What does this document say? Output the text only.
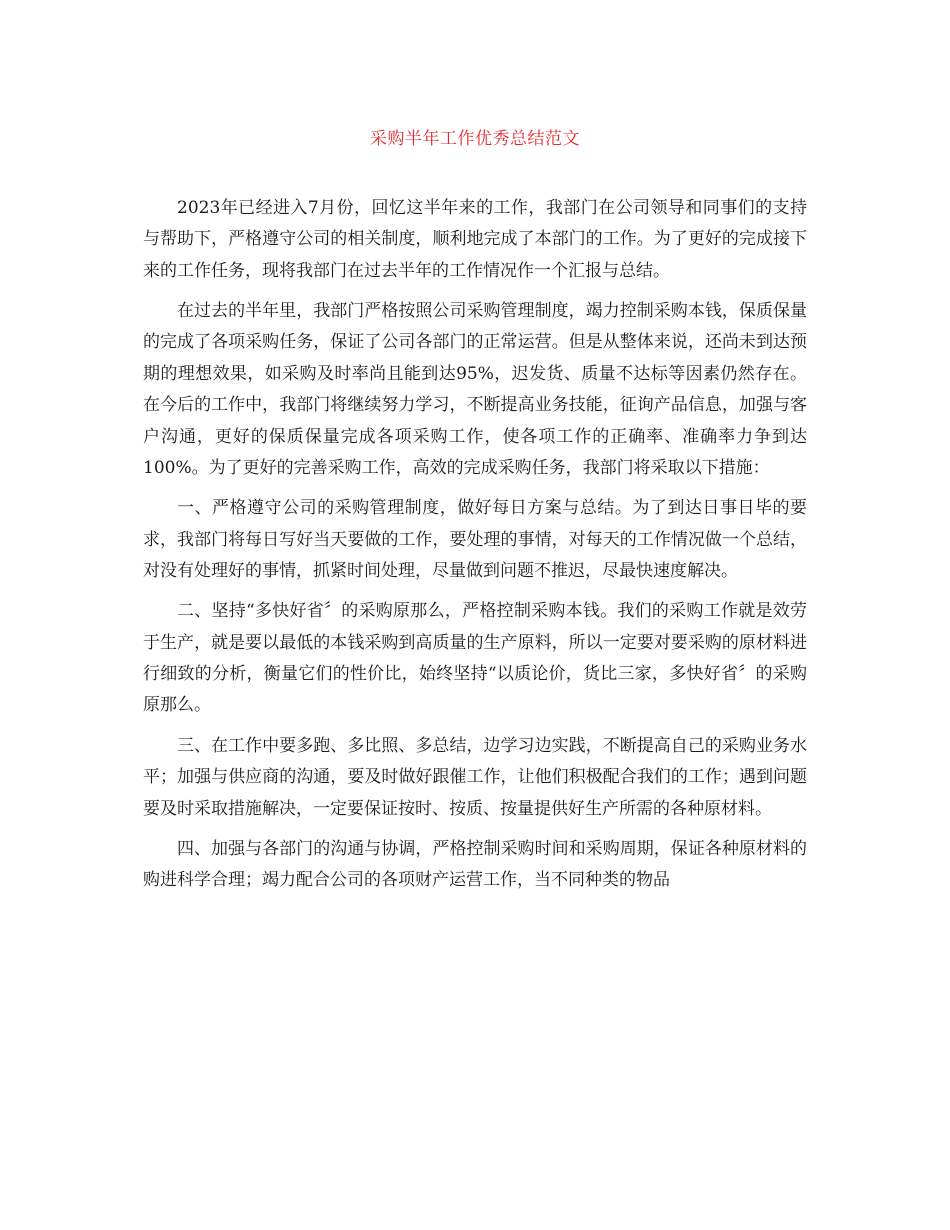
采购半年工作优秀总结范文

2023年已经进入7月份，回忆这半年来的工作，我部门在公司领导和同事们的支持与帮助下，严格遵守公司的相关制度，顺利地完成了本部门的工作。为了更好的完成接下来的工作任务，现将我部门在过去半年的工作情况作一个汇报与总结。

在过去的半年里，我部门严格按照公司采购管理制度，竭力控制采购本钱，保质保量的完成了各项采购任务，保证了公司各部门的正常运营。但是从整体来说，还尚未到达预期的理想效果，如采购及时率尚且能到达95%，迟发货、质量不达标等因素仍然存在。在今后的工作中，我部门将继续努力学习，不断提高业务技能，征询产品信息，加强与客户沟通，更好的保质保量完成各项采购工作，使各项工作的正确率、准确率力争到达100%。为了更好的完善采购工作，高效的完成采购任务，我部门将采取以下措施：

一、严格遵守公司的采购管理制度，做好每日方案与总结。为了到达日事日毕的要求，我部门将每日写好当天要做的工作，要处理的事情，对每天的工作情况做一个总结，对没有处理好的事情，抓紧时间处理，尽量做到问题不推迟，尽最快速度解决。

二、坚持“多快好省〞的采购原那么，严格控制采购本钱。我们的采购工作就是效劳于生产，就是要以最低的本钱采购到高质量的生产原料，所以一定要对要采购的原材料进行细致的分析，衡量它们的性价比，始终坚持“以质论价，货比三家，多快好省〞的采购原那么。

三、在工作中要多跑、多比照、多总结，边学习边实践，不断提高自己的采购业务水平；加强与供应商的沟通，要及时做好跟催工作，让他们积极配合我们的工作；遇到问题要及时采取措施解决，一定要保证按时、按质、按量提供好生产所需的各种原材料。

四、加强与各部门的沟通与协调，严格控制采购时间和采购周期，保证各种原材料的购进科学合理；竭力配合公司的各项财产运营工作，当不同种类的物品
